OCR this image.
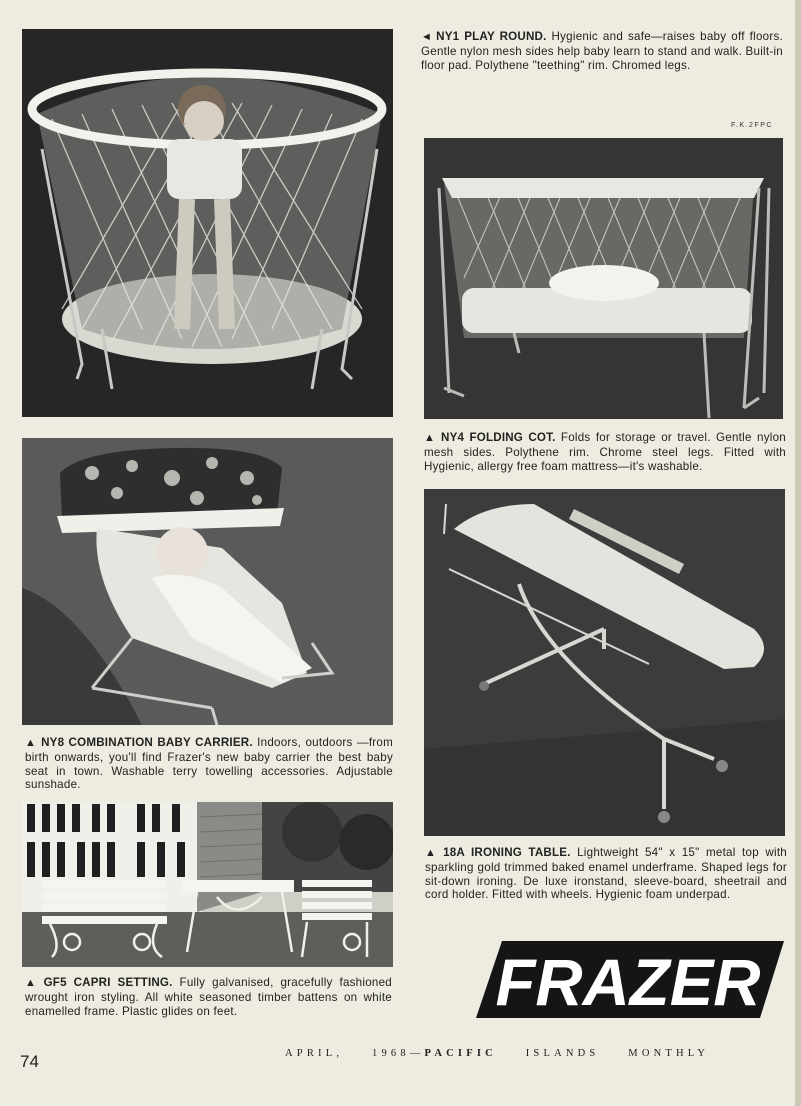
◄ NY1 PLAY ROUND. Hygienic and safe—raises baby off floors. Gentle nylon mesh sides help baby learn to stand and walk. Built-in floor pad. Polythene "teething" rim. Chromed legs.
F.K.2FPC
▲ NY4 FOLDING COT. Folds for storage or travel. Gentle nylon mesh sides. Polythene rim. Chrome steel legs. Fitted with Hygienic, allergy free foam mattress—it's washable.
▲ NY8 COMBINATION BABY CARRIER. Indoors, outdoors —from birth onwards, you'll find Frazer's new baby carrier the best baby seat in town. Washable terry towelling accessories. Adjustable sunshade.
▲ 18A IRONING TABLE. Lightweight 54" x 15" metal top with sparkling gold trimmed baked enamel underframe. Shaped legs for sit-down ironing. De luxe ironstand, sleeve-board, sheetrail and cord holder. Fitted with wheels. Hygienic foam underpad.
▲ GF5 CAPRI SETTING. Fully galvanised, gracefully fashioned wrought iron styling. All white seasoned timber battens on white enamelled frame. Plastic glides on feet.	FRAZER
74	APRIL,	1968—PACIFIC	ISLANDS	MONTHLY
